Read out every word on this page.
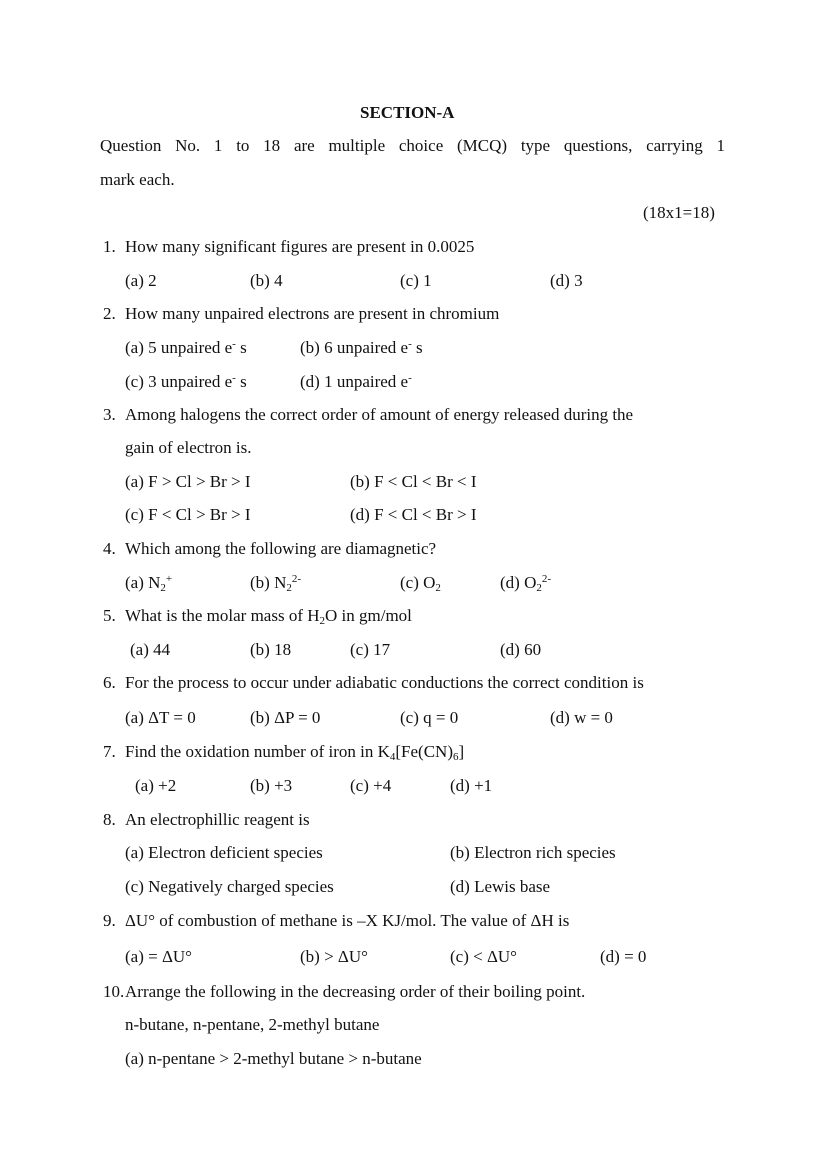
SECTION-A
Question No. 1 to 18 are multiple choice (MCQ) type questions, carrying 1
mark each.
(18x1=18)
1. How many significant figures are present in 0.0025
(a) 2	(b) 4	(c) 1	(d) 3
2. How many unpaired electrons are present in chromium
(a) 5 unpaired e- s	(b) 6 unpaired e- s
(c) 3 unpaired e- s	(d) 1 unpaired e-
3. Among halogens the correct order of amount of energy released during the
gain of electron is.
(a) F > Cl > Br > I	(b) F < Cl < Br < I
(c) F < Cl > Br > I	(d) F < Cl < Br > I
4. Which among the following are diamagnetic?
(a) $N_2^+$	(b) $N_2^{2-}$	(c) $O_2$	(d) $O_2^{2-}$
5. What is the molar mass of $H_2O$ in gm/mol
(a) 44	(b) 18	(c) 17	(d) 60
6. For the process to occur under adiabatic conductions the correct condition is
(a) ΔT = 0	(b) ΔP = 0	(c) q = 0	(d) w = 0
7. Find the oxidation number of iron in $K_4[Fe(CN)_6]$
(a) +2	(b) +3	(c) +4	(d) +1
8. An electrophillic reagent is
(a) Electron deficient species	(b) Electron rich species
(c) Negatively charged species	(d) Lewis base
9. ΔU° of combustion of methane is –X KJ/mol. The value of ΔH is
(a) = ΔU°	(b) > ΔU°	(c) < ΔU°	(d) = 0
10. Arrange the following in the decreasing order of their boiling point.
n-butane, n-pentane, 2-methyl butane
(a) n-pentane > 2-methyl butane > n-butane
